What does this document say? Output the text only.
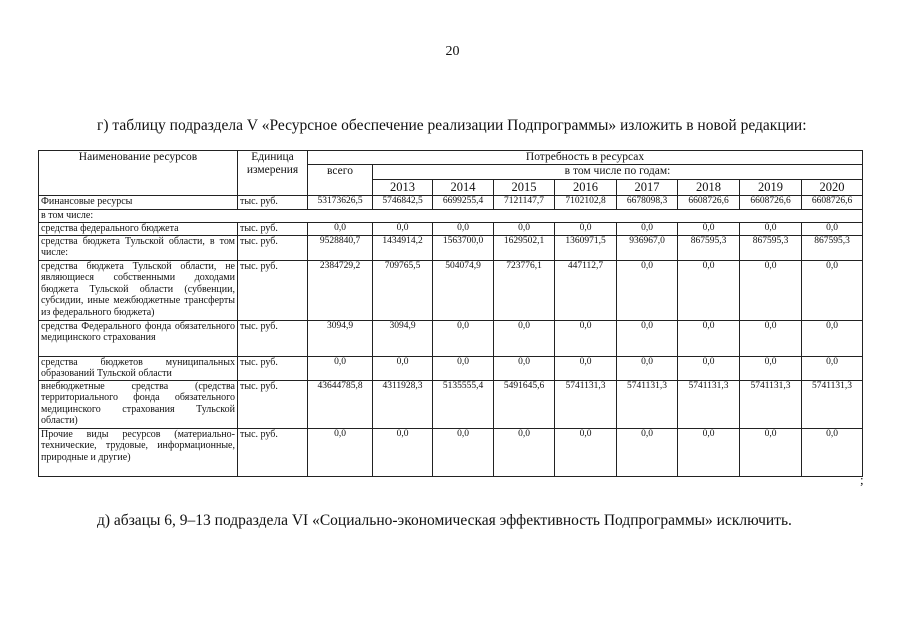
20
г) таблицу подраздела V «Ресурсное обеспечение реализации Подпрограммы» изложить в новой редакции:
Наименование ресурсов	Единица измерения	Потребность в ресурсах								
		всего	в том числе по годам:							
			2013	2014	2015	2016	2017	2018	2019	2020
Финансовые ресурсы	тыс. руб.	53173626,5	5746842,5	6699255,4	7121147,7	7102102,8	6678098,3	6608726,6	6608726,6	6608726,6
в том числе:										
средства федерального бюджета	тыс. руб.	0,0	0,0	0,0	0,0	0,0	0,0	0,0	0,0	0,0
средства бюджета Тульской области, в том числе:	тыс. руб.	9528840,7	1434914,2	1563700,0	1629502,1	1360971,5	936967,0	867595,3	867595,3	867595,3
средства бюджета Тульской области, не являющиеся собственными доходами бюджета Тульской области (субвенции, субсидии, иные межбюджетные трансферты из федерального бюджета)	тыс. руб.	2384729,2	709765,5	504074,9	723776,1	447112,7	0,0	0,0	0,0	0,0
средства Федерального фонда обязательного медицинского страхования	тыс. руб.	3094,9	3094,9	0,0	0,0	0,0	0,0	0,0	0,0	0,0
средства бюджетов муниципальных образований Тульской области	тыс. руб.	0,0	0,0	0,0	0,0	0,0	0,0	0,0	0,0	0,0
внебюджетные средства (средства территориального фонда обязательного медицинского страхования Тульской области)	тыс. руб.	43644785,8	4311928,3	5135555,4	5491645,6	5741131,3	5741131,3	5741131,3	5741131,3	5741131,3
Прочие виды ресурсов (материально-технические, трудовые, информационные, природные и другие)	тыс. руб.	0,0	0,0	0,0	0,0	0,0	0,0	0,0	0,0	0,0
;
д) абзацы 6, 9–13 подраздела VI «Социально-экономическая эффективность Подпрограммы» исключить.
